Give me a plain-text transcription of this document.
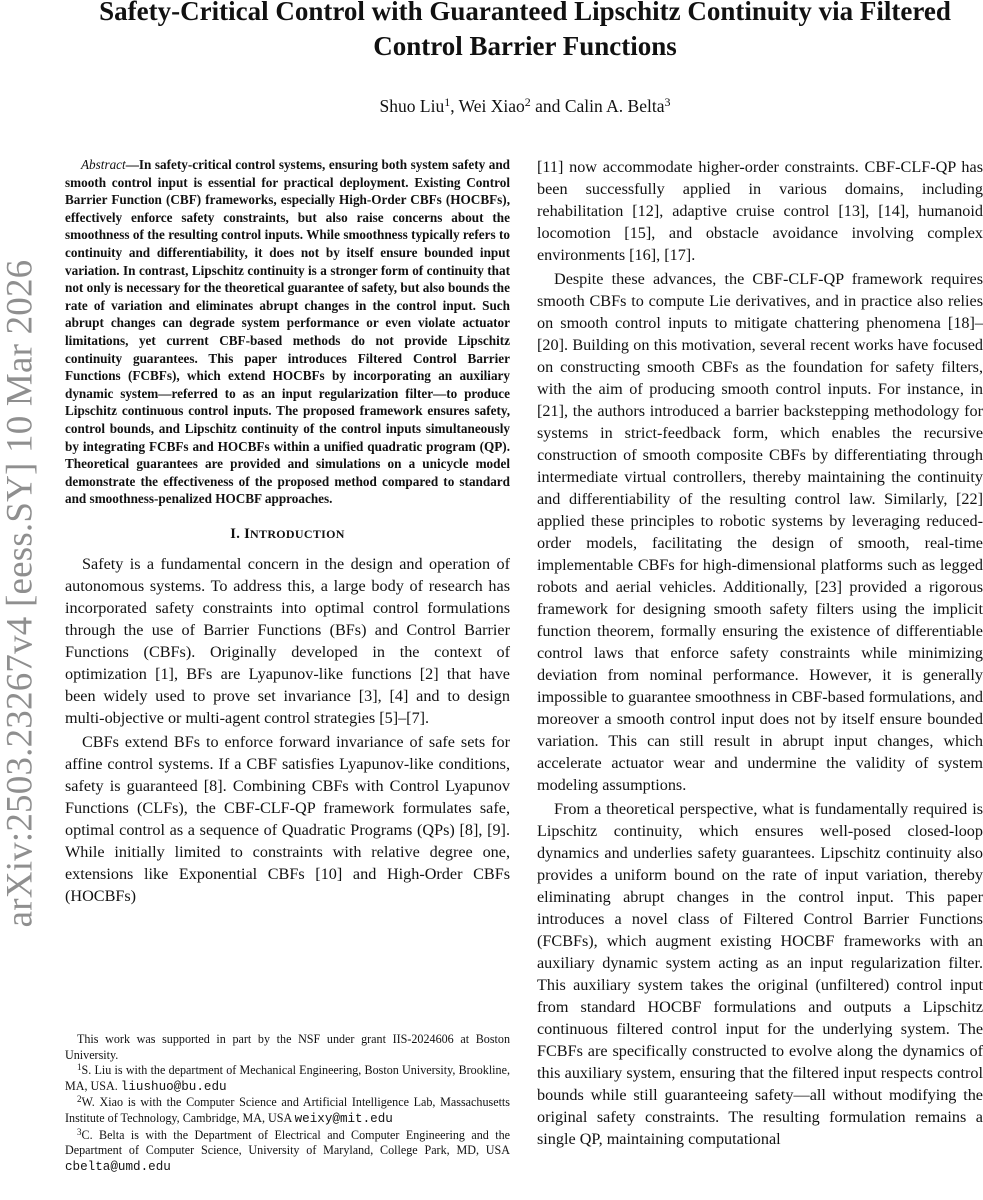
arXiv:2503.23267v4 [eess.SY] 10 Mar 2026
Safety-Critical Control with Guaranteed Lipschitz Continuity via Filtered Control Barrier Functions
Shuo Liu$^1$, Wei Xiao$^2$ and Calin A. Belta$^3$

Abstract—In safety-critical control systems, ensuring both system safety and smooth control input is essential for practical deployment. Existing Control Barrier Function (CBF) frameworks, especially High-Order CBFs (HOCBFs), effectively enforce safety constraints, but also raise concerns about the smoothness of the resulting control inputs. While smoothness typically refers to continuity and differentiability, it does not by itself ensure bounded input variation. In contrast, Lipschitz continuity is a stronger form of continuity that not only is necessary for the theoretical guarantee of safety, but also bounds the rate of variation and eliminates abrupt changes in the control input. Such abrupt changes can degrade system performance or even violate actuator limitations, yet current CBF-based methods do not provide Lipschitz continuity guarantees. This paper introduces Filtered Control Barrier Functions (FCBFs), which extend HOCBFs by incorporating an auxiliary dynamic system—referred to as an input regularization filter—to produce Lipschitz continuous control inputs. The proposed framework ensures safety, control bounds, and Lipschitz continuity of the control inputs simultaneously by integrating FCBFs and HOCBFs within a unified quadratic program (QP). Theoretical guarantees are provided and simulations on a unicycle model demonstrate the effectiveness of the proposed method compared to standard and smoothness-penalized HOCBF approaches.

I. INTRODUCTION

Safety is a fundamental concern in the design and operation of autonomous systems. To address this, a large body of research has incorporated safety constraints into optimal control formulations through the use of Barrier Functions (BFs) and Control Barrier Functions (CBFs). Originally developed in the context of optimization [1], BFs are Lyapunov-like functions [2] that have been widely used to prove set invariance [3], [4] and to design multi-objective or multi-agent control strategies [5]–[7].

CBFs extend BFs to enforce forward invariance of safe sets for affine control systems. If a CBF satisfies Lyapunov-like conditions, safety is guaranteed [8]. Combining CBFs with Control Lyapunov Functions (CLFs), the CBF-CLF-QP framework formulates safe, optimal control as a sequence of Quadratic Programs (QPs) [8], [9]. While initially limited to constraints with relative degree one, extensions like Exponential CBFs [10] and High-Order CBFs (HOCBFs)

[11] now accommodate higher-order constraints. CBF-CLF-QP has been successfully applied in various domains, including rehabilitation [12], adaptive cruise control [13], [14], humanoid locomotion [15], and obstacle avoidance involving complex environments [16], [17].

Despite these advances, the CBF-CLF-QP framework requires smooth CBFs to compute Lie derivatives, and in practice also relies on smooth control inputs to mitigate chattering phenomena [18]–[20]. Building on this motivation, several recent works have focused on constructing smooth CBFs as the foundation for safety filters, with the aim of producing smooth control inputs. For instance, in [21], the authors introduced a barrier backstepping methodology for systems in strict-feedback form, which enables the recursive construction of smooth composite CBFs by differentiating through intermediate virtual controllers, thereby maintaining the continuity and differentiability of the resulting control law. Similarly, [22] applied these principles to robotic systems by leveraging reduced-order models, facilitating the design of smooth, real-time implementable CBFs for high-dimensional platforms such as legged robots and aerial vehicles. Additionally, [23] provided a rigorous framework for designing smooth safety filters using the implicit function theorem, formally ensuring the existence of differentiable control laws that enforce safety constraints while minimizing deviation from nominal performance. However, it is generally impossible to guarantee smoothness in CBF-based formulations, and moreover a smooth control input does not by itself ensure bounded variation. This can still result in abrupt input changes, which accelerate actuator wear and undermine the validity of system modeling assumptions.

From a theoretical perspective, what is fundamentally required is Lipschitz continuity, which ensures well-posed closed-loop dynamics and underlies safety guarantees. Lipschitz continuity also provides a uniform bound on the rate of input variation, thereby eliminating abrupt changes in the control input. This paper introduces a novel class of Filtered Control Barrier Functions (FCBFs), which augment existing HOCBF frameworks with an auxiliary dynamic system acting as an input regularization filter. This auxiliary system takes the original (unfiltered) control input from standard HOCBF formulations and outputs a Lipschitz continuous filtered control input for the underlying system. The FCBFs are specifically constructed to evolve along the dynamics of this auxiliary system, ensuring that the filtered input respects control bounds while still guaranteeing safety—all without modifying the original safety constraints. The resulting formulation remains a single QP, maintaining computational

This work was supported in part by the NSF under grant IIS-2024606 at Boston University.

$^1$S. Liu is with the department of Mechanical Engineering, Boston University, Brookline, MA, USA. liushuo@bu.edu

$^2$W. Xiao is with the Computer Science and Artificial Intelligence Lab, Massachusetts Institute of Technology, Cambridge, MA, USA weixy@mit.edu

$^3$C. Belta is with the Department of Electrical and Computer Engineering and the Department of Computer Science, University of Maryland, College Park, MD, USA cbelta@umd.edu
